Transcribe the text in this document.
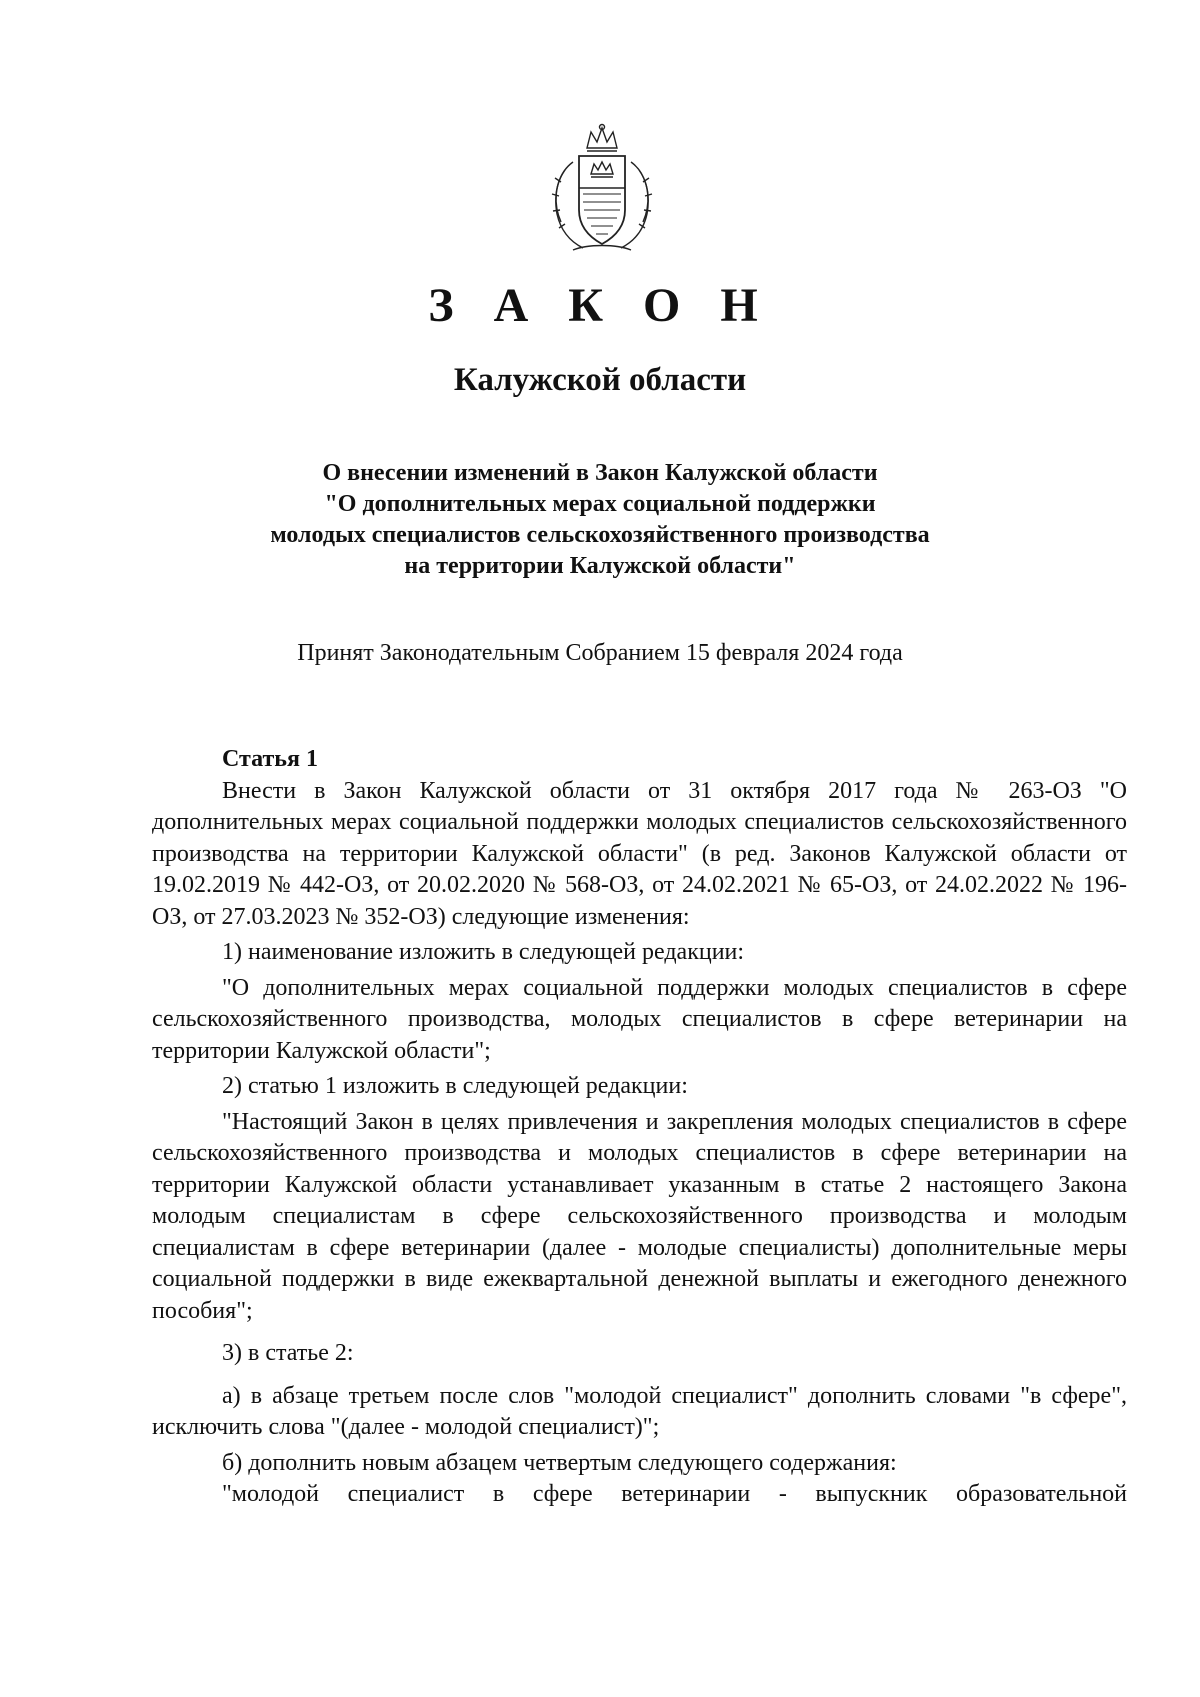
З А К О Н
Калужской области
О внесении изменений в Закон Калужской области
"О дополнительных мерах социальной поддержки
молодых специалистов сельскохозяйственного производства
на территории Калужской области"
Принят Законодательным Собранием 15 февраля 2024 года
Статья 1

Внести в Закон Калужской области от 31 октября 2017 года № 263-ОЗ "О дополнительных мерах социальной поддержки молодых специалистов сельскохозяйственного производства на территории Калужской области" (в ред. Законов Калужской области от 19.02.2019 № 442-ОЗ, от 20.02.2020 № 568-ОЗ, от 24.02.2021 № 65-ОЗ, от 24.02.2022 № 196-ОЗ, от 27.03.2023 № 352-ОЗ) следующие изменения:

1) наименование изложить в следующей редакции:

"О дополнительных мерах социальной поддержки молодых специалистов в сфере сельскохозяйственного производства, молодых специалистов в сфере ветеринарии на территории Калужской области";

2) статью 1 изложить в следующей редакции:

"Настоящий Закон в целях привлечения и закрепления молодых специалистов в сфере сельскохозяйственного производства и молодых специалистов в сфере ветеринарии на территории Калужской области устанавливает указанным в статье 2 настоящего Закона молодым специалистам в сфере сельскохозяйственного производства и молодым специалистам в сфере ветеринарии (далее - молодые специалисты) дополнительные меры социальной поддержки в виде ежеквартальной денежной выплаты и ежегодного денежного пособия";

3) в статье 2:

а) в абзаце третьем после слов "молодой специалист" дополнить словами "в сфере", исключить слова "(далее - молодой специалист)";

б) дополнить новым абзацем четвертым следующего содержания:

"молодой специалист в сфере ветеринарии - выпускник образовательной
